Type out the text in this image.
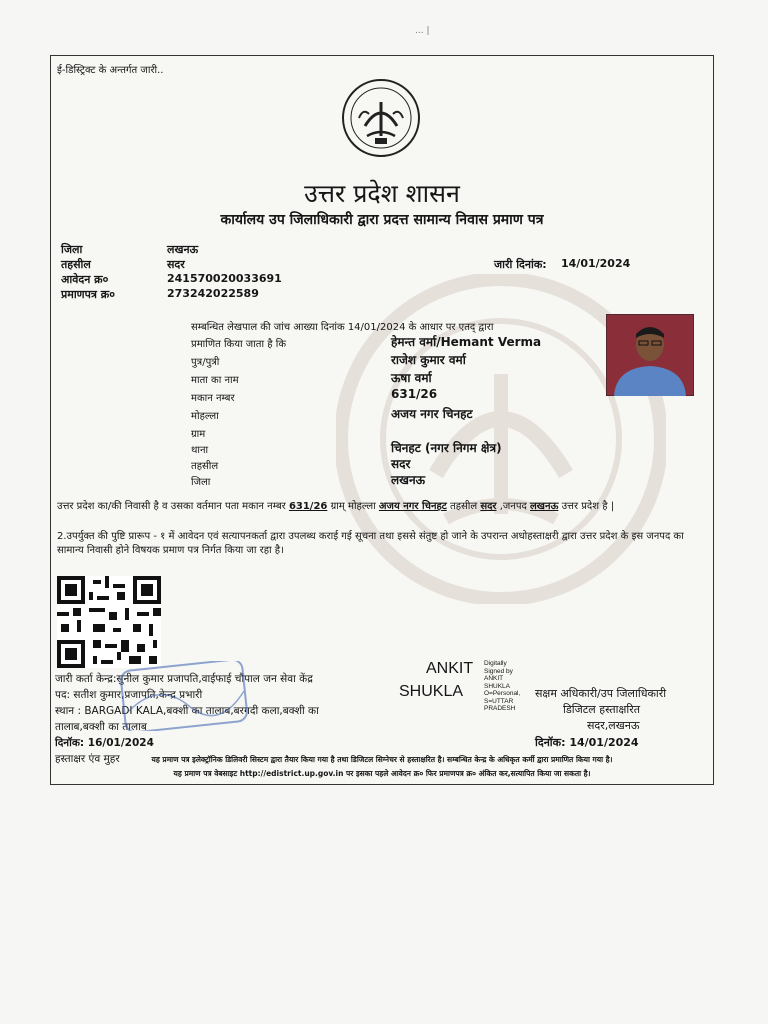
... |
ई-डिस्ट्रिक्ट के अन्तर्गत जारी..
उत्तर प्रदेश शासन
कार्यालय उप जिलाधिकारी द्वारा प्रदत्त सामान्य निवास प्रमाण पत्र
जिला	लखनऊ
तहसील	सदर
आवेदन क्र०	241570020033691
प्रमाणपत्र क्र०	273242022589
जारी दिनांक: 14/01/2024
सम्बन्धित लेखपाल की जांच आख्या दिनांक 14/01/2024 के आधार पर एतद् द्वारा
प्रमाणित किया जाता है कि	हेमन्त वर्मा/Hemant Verma
पुत्र/पुत्री	राजेश कुमार वर्मा
माता का नाम	ऊषा वर्मा
मकान नम्बर	631/26
मोहल्ला	अजय नगर चिनहट
ग्राम
थाना	चिनहट (नगर निगम क्षेत्र)
तहसील	सदर
जिला	लखनऊ
उत्तर प्रदेश का/की निवासी है व उसका वर्तमान पता मकान नम्बर 631/26 ग्राम् मोहल्ला अजय नगर चिनहट तहसील सदर ,जनपद लखनऊ उत्तर प्रदेश है |
2.उपर्युक्त की पुष्टि प्रारूप - १ में आवेदन एवं सत्यापनकर्ता द्वारा उपलब्ध कराई गई सूचना तथा इससे संतुष्ट हो जाने के उपरान्त अधोहस्ताक्षरी द्वारा उत्तर प्रदेश के इस जनपद का सामान्य निवासी होने विषयक प्रमाण पत्र निर्गत किया जा रहा है।
जारी कर्ता केन्द्र:सुनील कुमार प्रजापति,वाईफाई चौपाल जन सेवा केंद्र
पद: सतीश कुमार,प्रजापति,केन्द्र प्रभारी
स्थान : BARGADI KALA,बक्शी का तालाब,बरगदी कला,बक्शी का
तालाब,बक्शी का तालाब
दिनॉक: 16/01/2024
हस्ताक्षर एंव मुहर
ANKIT
SHUKLA
Digitally
Signed by
ANKIT
SHUKLA
O=Personal,
S=UTTAR
PRADESH
सक्षम अधिकारी/उप जिलाधिकारी
डिजिटल हस्ताक्षरित
सदर,लखनऊ
दिनॉक: 14/01/2024
यह प्रमाण पत्र इलेक्ट्रॉनिक डिलिवरी सिस्टम द्वारा तैयार किया गया है तथा डिजिटल सिग्नेचर से हस्ताक्षरित है। सम्बन्धित केन्द्र के अधिकृत कर्मी द्वारा प्रमाणित किया गया है।
यह प्रमाण पत्र वेबसाइट http://edistrict.up.gov.in पर इसका पहले आवेदन क्र० फिर प्रमाणपत्र क्र० अंकित कर,सत्यापित किया जा सकता है।
